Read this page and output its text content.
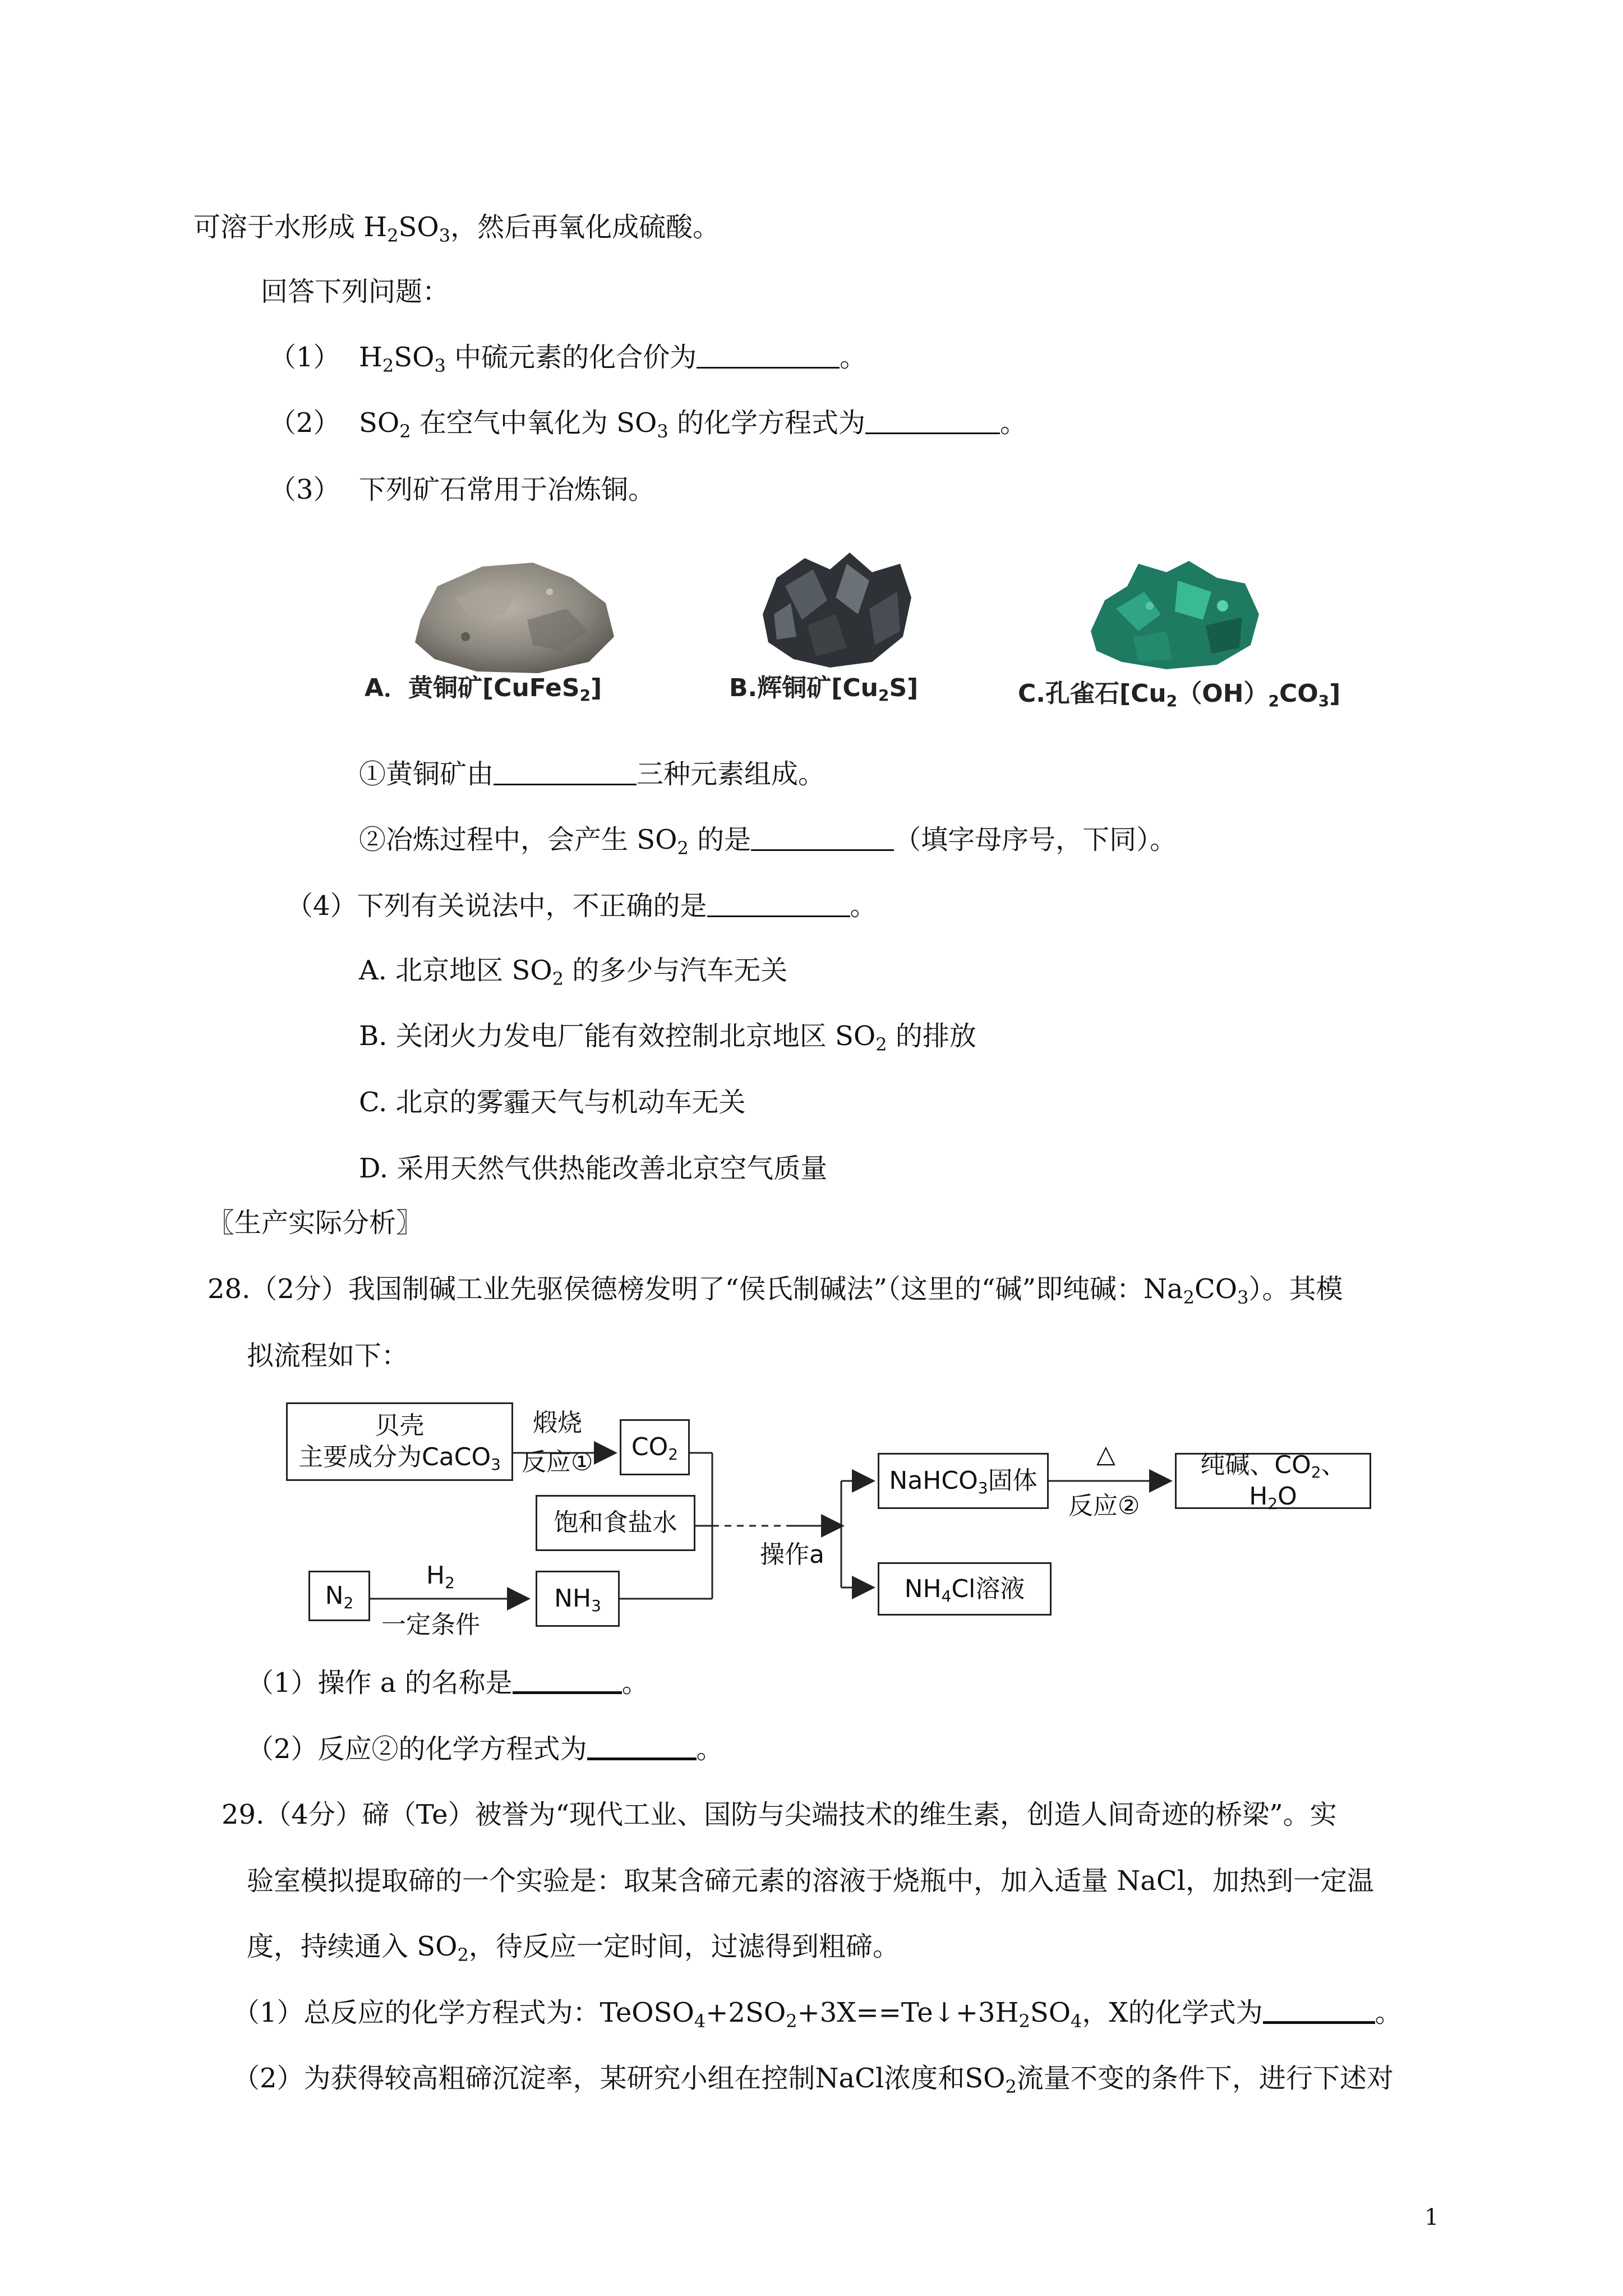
可溶于水形成 $H_2SO_3$，然后再氧化成硫酸。
回答下列问题：
（1） $H_2SO_3$ 中硫元素的化合价为	。
（2） $SO_2$ 在空气中氧化为 $SO_3$ 的化学方程式为	。
（3） 下列矿石常用于冶炼铜。
A．黄铜矿[CuFeS$_2$]	B.辉铜矿$[Cu_2S]$	C.孔雀石$[Cu_2(OH)_2CO_3]$
①黄铜矿由	三种元素组成。
②冶炼过程中，会产生 $SO_2$ 的是	（填字母序号，下同）。
（4）下列有关说法中，不正确的是	。
A. 北京地区 $SO_2$ 的多少与汽车无关
B. 关闭火力发电厂能有效控制北京地区 $SO_2$ 的排放
C. 北京的雾霾天气与机动车无关
D. 采用天然气供热能改善北京空气质量
〖生产实际分析〗
28.（2分）我国制碱工业先驱侯德榜发明了“侯氏制碱法”（这里的“碱”即纯碱：$Na_2CO_3$）。其模
拟流程如下：
贝壳
主要成分为CaCO$_3$
煅烧
反应①
$CO_2$
饱和食盐水
$N_2$
$H_2$
一定条件
$NH_3$
操作a
NaHCO$_3$固体
△
反应②
纯碱、$CO_2$、$H_2O$
$NH_4Cl$溶液
（1）操作 a 的名称是	。
（2）反应②的化学方程式为	。
29.（4分）碲（Te）被誉为“现代工业、国防与尖端技术的维生素，创造人间奇迹的桥梁”。实
验室模拟提取碲的一个实验是：取某含碲元素的溶液于烧瓶中，加入适量 NaCl，加热到一定温
度，持续通入 $SO_2$，待反应一定时间，过滤得到粗碲。
（1）总反应的化学方程式为：$TeOSO_4+2SO_2+3X==Te↓+3H_2SO_4$，X的化学式为	。
（2）为获得较高粗碲沉淀率，某研究小组在控制NaCl浓度和$SO_2$流量不变的条件下，进行下述对
1
